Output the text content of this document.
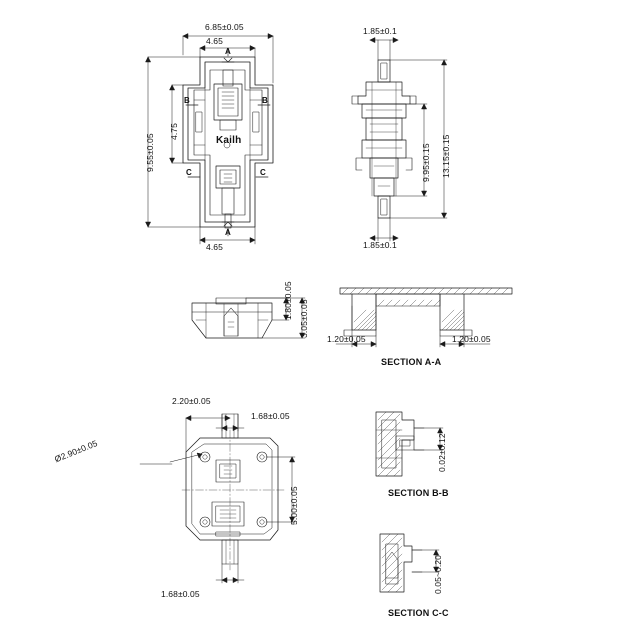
6.85±0.05
4.65
4.65
9.55±0.05
4.75
Kailh
A
A
B	B
C	C
1.85±0.1
1.85±0.1
9.95±0.15 13.15±0.15
1.80±0.05 3.05±0.05
1.20±0.05	1.20±0.05
SECTION A-A
2.20±0.05
1.68±0.05
1.68±0.05
Ø2.90±0.05
5.00±0.05
0.02±0.12
SECTION B-B
0.05~0.20
SECTION C-C
